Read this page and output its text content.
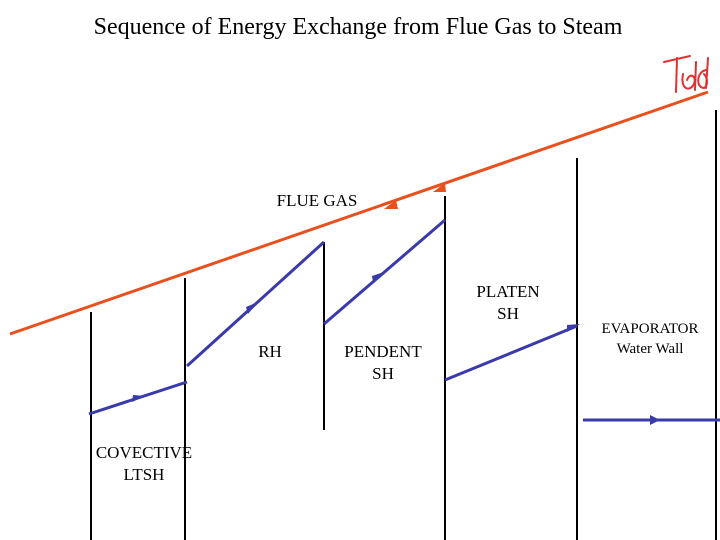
Sequence of Energy Exchange from Flue Gas to Steam
FLUE GAS
PLATEN
SH
EVAPORATOR
Water Wall
RH	PENDENT
SH
COVECTIVE
LTSH
